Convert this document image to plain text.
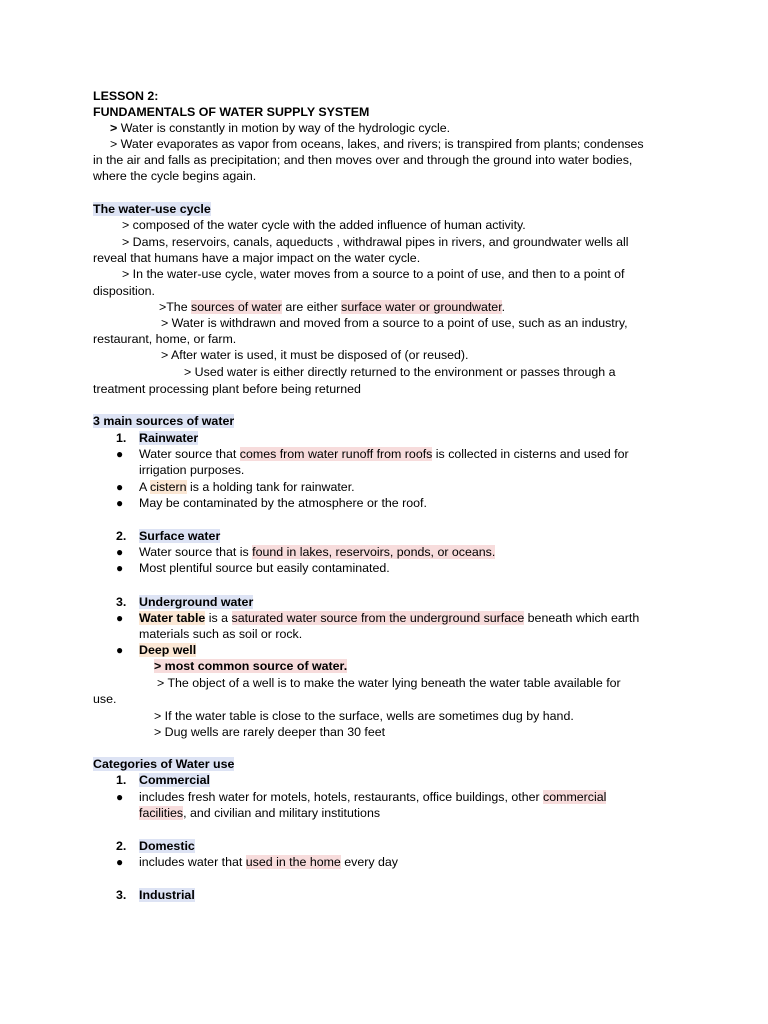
LESSON 2:
FUNDAMENTALS OF WATER SUPPLY SYSTEM
> Water is constantly in motion by way of the hydrologic cycle.
> Water evaporates as vapor from oceans, lakes, and rivers; is transpired from plants; condenses
in the air and falls as precipitation; and then moves over and through the ground into water bodies,
where the cycle begins again.
The water-use cycle
> composed of the water cycle with the added influence of human activity.
> Dams, reservoirs, canals, aqueducts , withdrawal pipes in rivers, and groundwater wells all
reveal that humans have a major impact on the water cycle.
> In the water-use cycle, water moves from a source to a point of use, and then to a point of
disposition.
>The sources of water are either surface water or groundwater.
> Water is withdrawn and moved from a source to a point of use, such as an industry,
restaurant, home, or farm.
> After water is used, it must be disposed of (or reused).
> Used water is either directly returned to the environment or passes through a
treatment processing plant before being returned
3 main sources of water
1. Rainwater
● Water source that comes from water runoff from roofs is collected in cisterns and used for
irrigation purposes.
● A cistern is a holding tank for rainwater.
● May be contaminated by the atmosphere or the roof.
2. Surface water
● Water source that is found in lakes, reservoirs, ponds, or oceans.
● Most plentiful source but easily contaminated.
3. Underground water
● Water table is a saturated water source from the underground surface beneath which earth
materials such as soil or rock.
● Deep well
> most common source of water.
> The object of a well is to make the water lying beneath the water table available for
use.
> If the water table is close to the surface, wells are sometimes dug by hand.
> Dug wells are rarely deeper than 30 feet
Categories of Water use
1. Commercial
● includes fresh water for motels, hotels, restaurants, office buildings, other commercial
facilities, and civilian and military institutions
2. Domestic
● includes water that used in the home every day
3. Industrial
